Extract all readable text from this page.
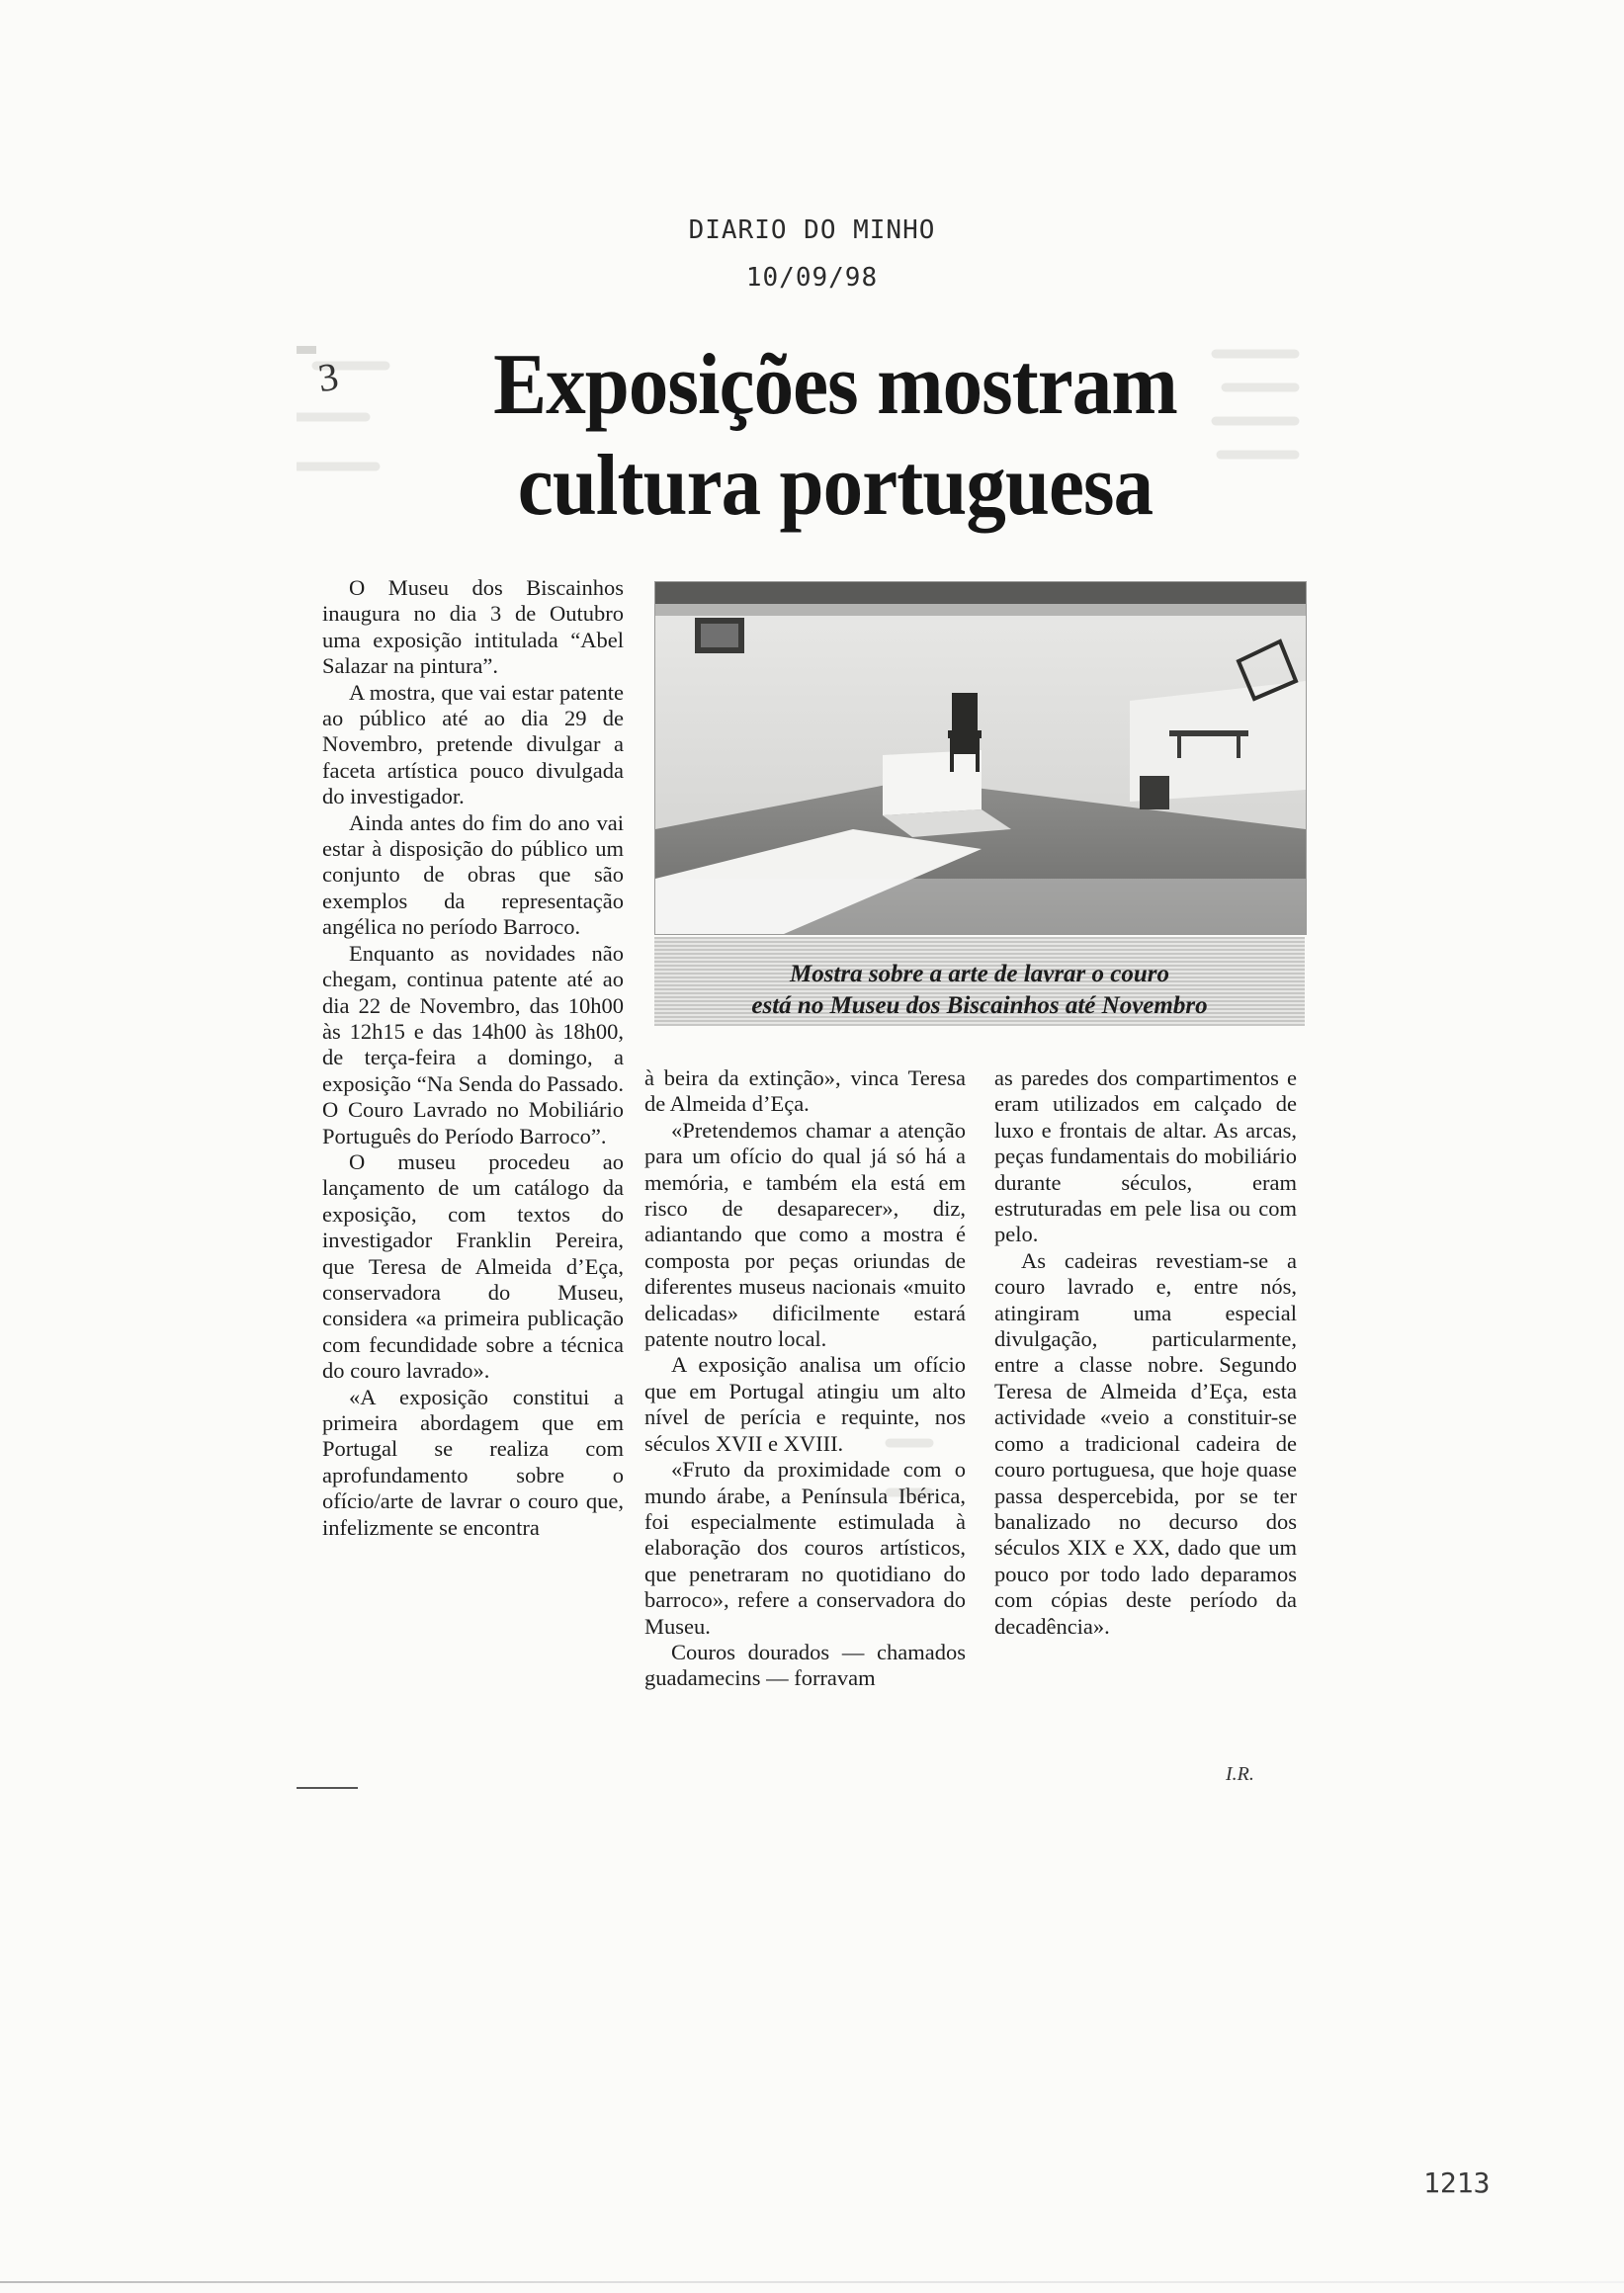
DIARIO DO MINHO
10/09/98
3	Exposições mostram
cultura portuguesa

O Museu dos Biscainhos inaugura no dia 3 de Outubro uma exposição intitulada “Abel Salazar na pintura”.

A mostra, que vai estar patente ao público até ao dia 29 de Novembro, pretende divulgar a faceta artística pouco divulgada do investigador.

Ainda antes do fim do ano vai estar à disposição do público um conjunto de obras que são exemplos da representação angélica no período Barroco.

Enquanto as novidades não chegam, continua patente até ao dia 22 de Novembro, das 10h00 às 12h15 e das 14h00 às 18h00, de terça-feira a domingo, a exposição “Na Senda do Passado. O Couro Lavrado no Mobiliário Português do Período Barroco”.

O museu procedeu ao lançamento de um catálogo da exposição, com textos do investigador Franklin Pereira, que Teresa de Almeida d’Eça, conservadora do Museu, considera «a primeira publicação com fecundidade sobre a técnica do couro lavrado».

«A exposição constitui a primeira abordagem que em Portugal se realiza com aprofundamento sobre o ofício/arte de lavrar o couro que, infelizmente se encontra

Mostra sobre a arte de lavrar o couro
está no Museu dos Biscainhos até Novembro

à beira da extinção», vinca Teresa de Almeida d’Eça.

«Pretendemos chamar a atenção para um ofício do qual já só há a memória, e também ela está em risco de desaparecer», diz, adiantando que como a mostra é composta por peças oriundas de diferentes museus nacionais «muito delicadas» dificilmente estará patente noutro local.

A exposição analisa um ofício que em Portugal atingiu um alto nível de perícia e requinte, nos séculos XVII e XVIII.

«Fruto da proximidade com o mundo árabe, a Península Ibérica, foi especialmente estimulada à elaboração dos couros artísticos, que penetraram no quotidiano do barroco», refere a conservadora do Museu.

Couros dourados — chamados guadamecins — forravam

as paredes dos compartimentos e eram utilizados em calçado de luxo e frontais de altar. As arcas, peças fundamentais do mobiliário durante séculos, eram estruturadas em pele lisa ou com pelo.

As cadeiras revestiam-se a couro lavrado e, entre nós, atingiram uma especial divulgação, particularmente, entre a classe nobre. Segundo Teresa de Almeida d’Eça, esta actividade «veio a constituir-se como a tradicional cadeira de couro portuguesa, que hoje quase passa despercebida, por se ter banalizado no decurso dos séculos XIX e XX, dado que um pouco por todo lado deparamos com cópias deste período da decadência».

I.R.
1213
